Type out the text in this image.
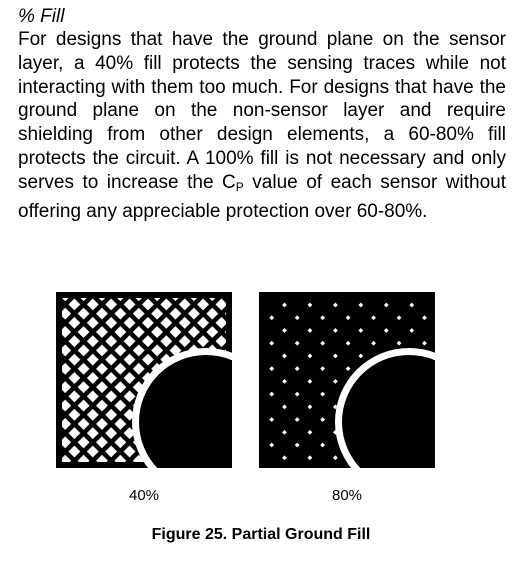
% Fill

For designs that have the ground plane on the sensor layer, a 40% fill protects the sensing traces while not interacting with them too much. For designs that have the ground plane on the non-sensor layer and require shielding from other design elements, a 60-80% fill protects the circuit. A 100% fill is not necessary and only serves to increase the $C_P$ value of each sensor without offering any appreciable protection over 60-80%.

40%	80%
Figure 25. Partial Ground Fill
